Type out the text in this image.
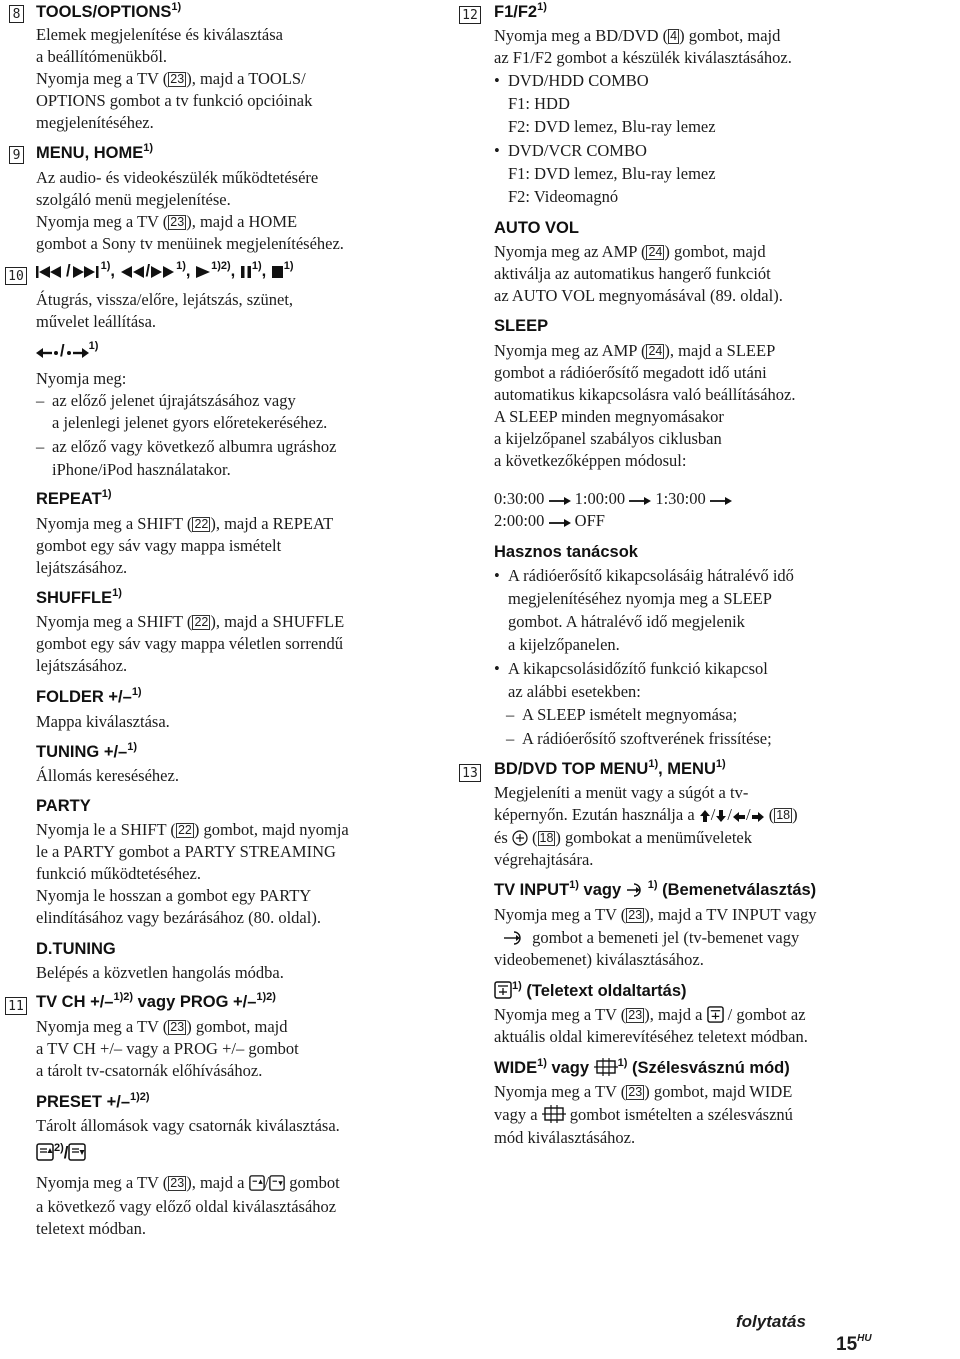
8 TOOLS/OPTIONS$^{1)}$
Elemek megjelenítése és kiválasztása
a beállítómenükből.
Nyomja meg a TV ( 23 ), majd a TOOLS/
OPTIONS gombot a tv funkció opcióinak
megjelenítéséhez.
9 MENU, HOME$^{1)}$
Az audio- és videokészülék működtetésére
szolgáló menü megjelenítése.
Nyomja meg a TV ( 23 ), majd a HOME
gombot a Sony tv menüinek megjelenítéséhez.
10	/	$^{1)}$, / $^{1)}$, $^{1)2)}$, $^{1)}$, $^{1)}$
Átugrás, vissza/előre, lejátszás, szünet,
művelet leállítása.
/ $^{1)}$
Nyomja meg:
– az előző jelenet újrajátszásához vagy
a jelenlegi jelenet gyors előretekeréséhez.
– az előző vagy következő albumra ugráshoz
iPhone/iPod használatakor.
REPEAT$^{1)}$
Nyomja meg a SHIFT ( 22 ), majd a REPEAT
gombot egy sáv vagy mappa ismételt
lejátszásához.
SHUFFLE$^{1)}$
Nyomja meg a SHIFT ( 22 ), majd a SHUFFLE
gombot egy sáv vagy mappa véletlen sorrendű
lejátszásához.
FOLDER +/–$^{1)}$
Mappa kiválasztása.
TUNING +/–$^{1)}$
Állomás kereséséhez.
PARTY
Nyomja le a SHIFT ( 22 ) gombot, majd nyomja
le a PARTY gombot a PARTY STREAMING
funkció működtetéséhez.
Nyomja le hosszan a gombot egy PARTY
elindításához vagy bezárásához (80. oldal).
D.TUNING
Belépés a közvetlen hangolás módba.
11 TV CH +/–$^{1)2)}$ vagy PROG +/–$^{1)2)}$
Nyomja meg a TV ( 23 ) gombot, majd
a TV CH +/– vagy a PROG +/– gombot
a tárolt tv-csatornák előhívásához.
PRESET +/–$^{1)2)}$
Tárolt állomások vagy csatornák kiválasztása.
$^{2)}$/
Nyomja meg a TV ( 23 ), majd a / gombot
a következő vagy előző oldal kiválasztásához
teletext módban.
12 F1/F2$^{1)}$
Nyomja meg a BD/DVD ( 4 ) gombot, majd
az F1/F2 gombot a készülék kiválasztásához.
• DVD/HDD COMBO
F1: HDD
F2: DVD lemez, Blu-ray lemez
• DVD/VCR COMBO
F1: DVD lemez, Blu-ray lemez
F2: Videomagnó
AUTO VOL
Nyomja meg az AMP ( 24 ) gombot, majd
aktiválja az automatikus hangerő funkciót
az AUTO VOL megnyomásával (89. oldal).
SLEEP
Nyomja meg az AMP ( 24 ), majd a SLEEP
gombot a rádióerősítő megadott idő utáni
automatikus kikapcsolásra való beállításához.
A SLEEP minden megnyomásakor
a kijelzőpanel szabályos ciklusban
a következőképpen módosul:
0:30:00 1:00:00 1:30:00
2:00:00 OFF
Hasznos tanácsok
• A rádióerősítő kikapcsolásáig hátralévő idő
megjelenítéséhez nyomja meg a SLEEP
gombot. A hátralévő idő megjelenik
a kijelzőpanelen.
• A kikapcsolásidőzítő funkció kikapcsol
az alábbi esetekben:
– A SLEEP ismételt megnyomása;
– A rádióerősítő szoftverének frissítése;
13 BD/DVD TOP MENU$^{1)}$, MENU$^{1)}$
Megjeleníti a menüt vagy a súgót a tv-
képernyőn. Ezután használja a / / / ( 18 )
és  ( 18 ) gombokat a menüműveletek
végrehajtására.
TV INPUT$^{1)}$ vagy $^{1)}$ (Bemenetválasztás)
Nyomja meg a TV ( 23 ), majd a TV INPUT vagy
gombot a bemeneti jel (tv-bemenet vagy
videobemenet) kiválasztásához.
$^{1)}$ (Teletext oldaltartás)
Nyomja meg a TV ( 23 ), majd a  / gombot az
aktuális oldal kimerevítéséhez teletext módban.
WIDE$^{1)}$ vagy $^{1)}$ (Szélesvásznú mód)
Nyomja meg a TV ( 23 ) gombot, majd WIDE
vagy a  gombot ismételten a szélesvásznú
mód kiválasztásához.
folytatás
$15^{HU}$
